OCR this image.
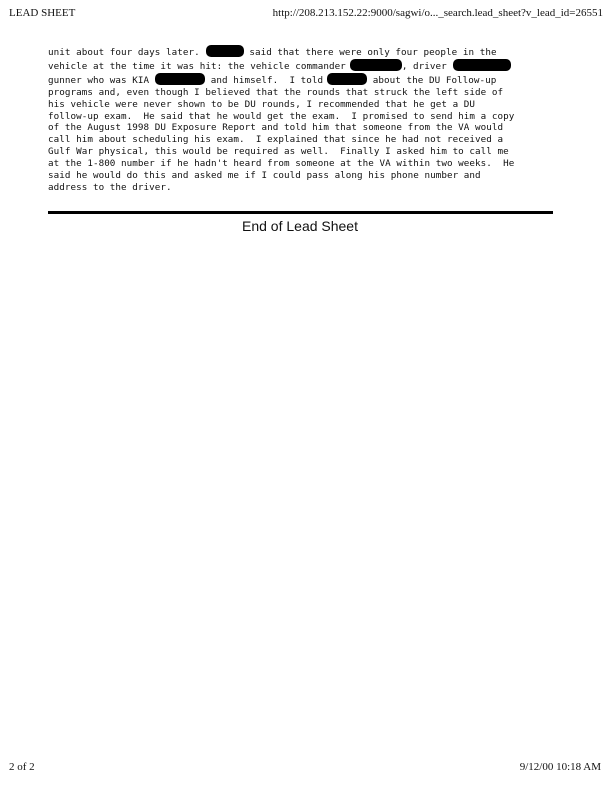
LEAD SHEET	http://208.213.152.22:9000/sagwi/o..._search.lead_sheet?v_lead_id=26551
unit about four days later.	said that there were only four people in the
vehicle at the time it was hit: the vehicle commander	, driver
gunner who was KIA	and himself.  I told	about the DU Follow-up
programs and, even though I believed that the rounds that struck the left side of
his vehicle were never shown to be DU rounds, I recommended that he get a DU
follow-up exam.  He said that he would get the exam.  I promised to send him a copy
of the August 1998 DU Exposure Report and told him that someone from the VA would
call him about scheduling his exam.  I explained that since he had not received a
Gulf War physical, this would be required as well.  Finally I asked him to call me
at the 1-800 number if he hadn't heard from someone at the VA within two weeks.  He
said he would do this and asked me if I could pass along his phone number and
address to the driver.
End of Lead Sheet
2 of 2	9/12/00 10:18 AM
